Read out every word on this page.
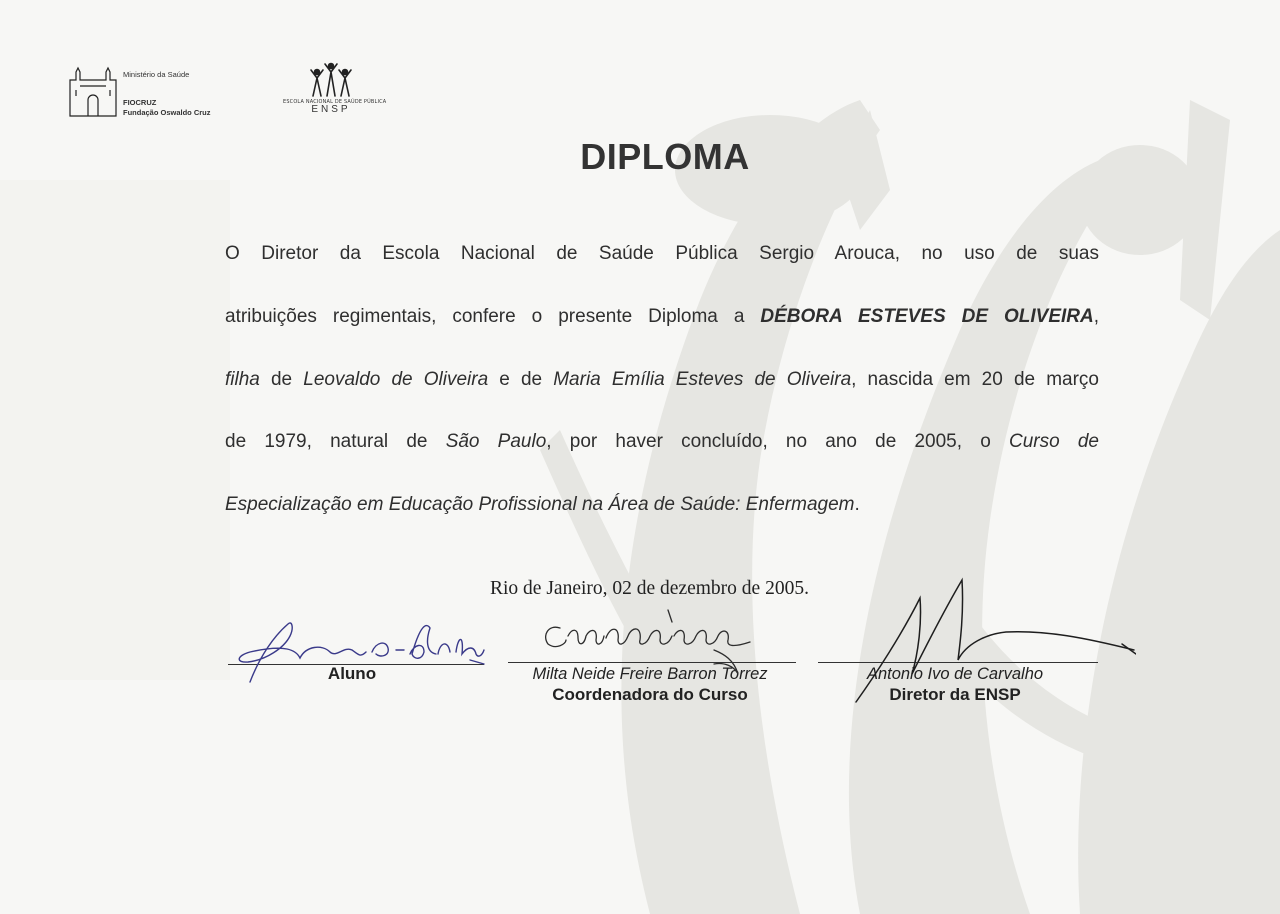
Ministério da Saúde
FIOCRUZ
Fundação Oswaldo Cruz
ESCOLA NACIONAL DE SAÚDE PÚBLICA
ENSP
DIPLOMA
O Diretor da Escola Nacional de Saúde Pública Sergio Arouca, no uso de suas
atribuições regimentais, confere o presente Diploma a DÉBORA ESTEVES DE OLIVEIRA,
filha de Leovaldo de Oliveira e de Maria Emília Esteves de Oliveira, nascida em 20 de março
de 1979, natural de São Paulo, por haver concluído, no ano de 2005, o Curso de
Especialização em Educação Profissional na Área de Saúde: Enfermagem.
Rio de Janeiro, 02 de dezembro de 2005.
Aluno	Milta Neide Freire Barron Torrez
Coordenadora do Curso
Antonio Ivo de Carvalho
Diretor da ENSP
